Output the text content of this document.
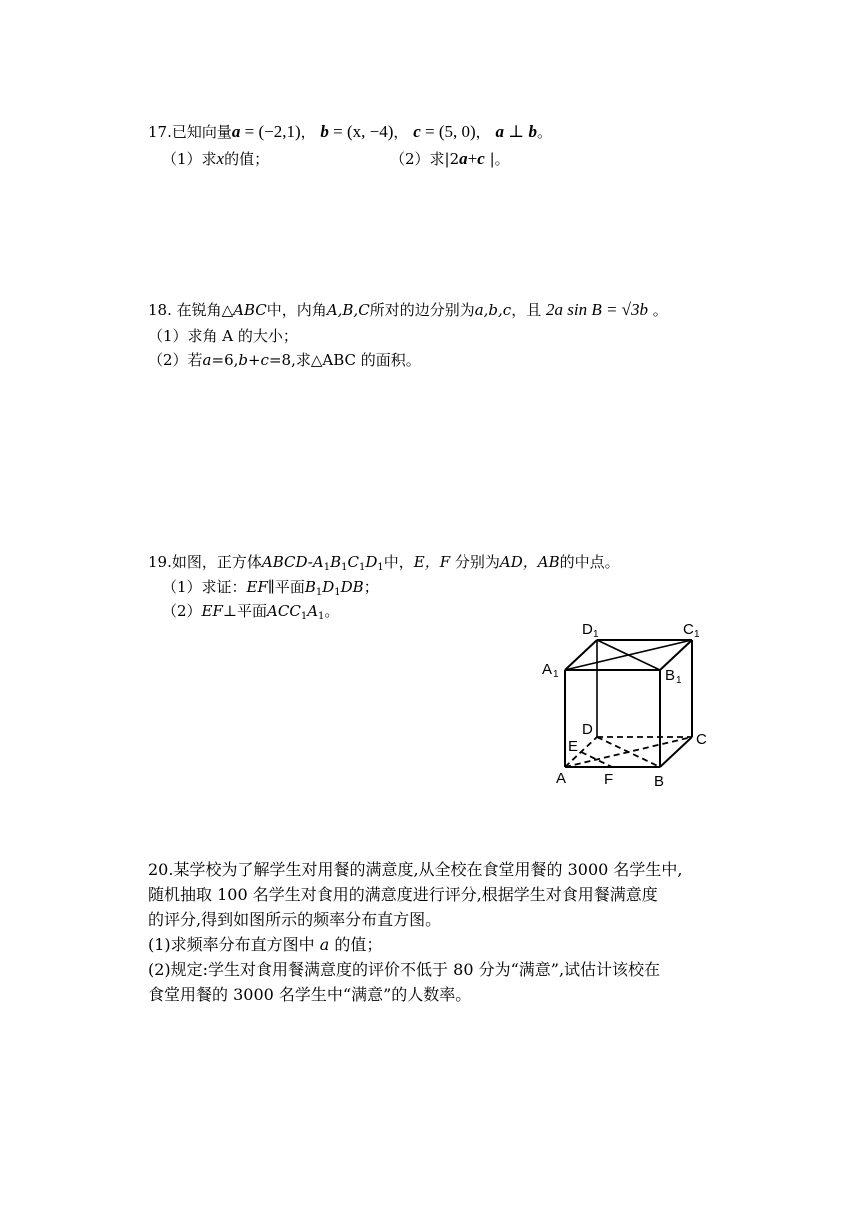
17.已知向量a = (−2,1)， b = (x, −4)， c = (5, 0)， a ⊥ b。
（1）求x的值；	（2）求|2a+c |。
18. 在锐角△ABC中，内角A,B,C所对的边分别为a,b,c，且 2a sin B = √3b 。
（1）求角 A 的大小；
（2）若a=6,b+c=8,求△ABC 的面积。
19.如图，正方体ABCD-$A_1B_1C_1D_1$中，E，F 分别为AD，AB的中点。
（1）求证：EF∥平面$B_1D_1DB$；
（2）EF⊥平面$ACC_1A_1$。
D 1	C 1
A 1	B 1
D
E	C
A	F	B
20.某学校为了解学生对用餐的满意度,从全校在食堂用餐的 3000 名学生中,
随机抽取 100 名学生对食用的满意度进行评分,根据学生对食用餐满意度
的评分,得到如图所示的频率分布直方图。
(1)求频率分布直方图中 a 的值；
(2)规定:学生对食用餐满意度的评价不低于 80 分为“满意”,试估计该校在
食堂用餐的 3000 名学生中“满意”的人数率。
